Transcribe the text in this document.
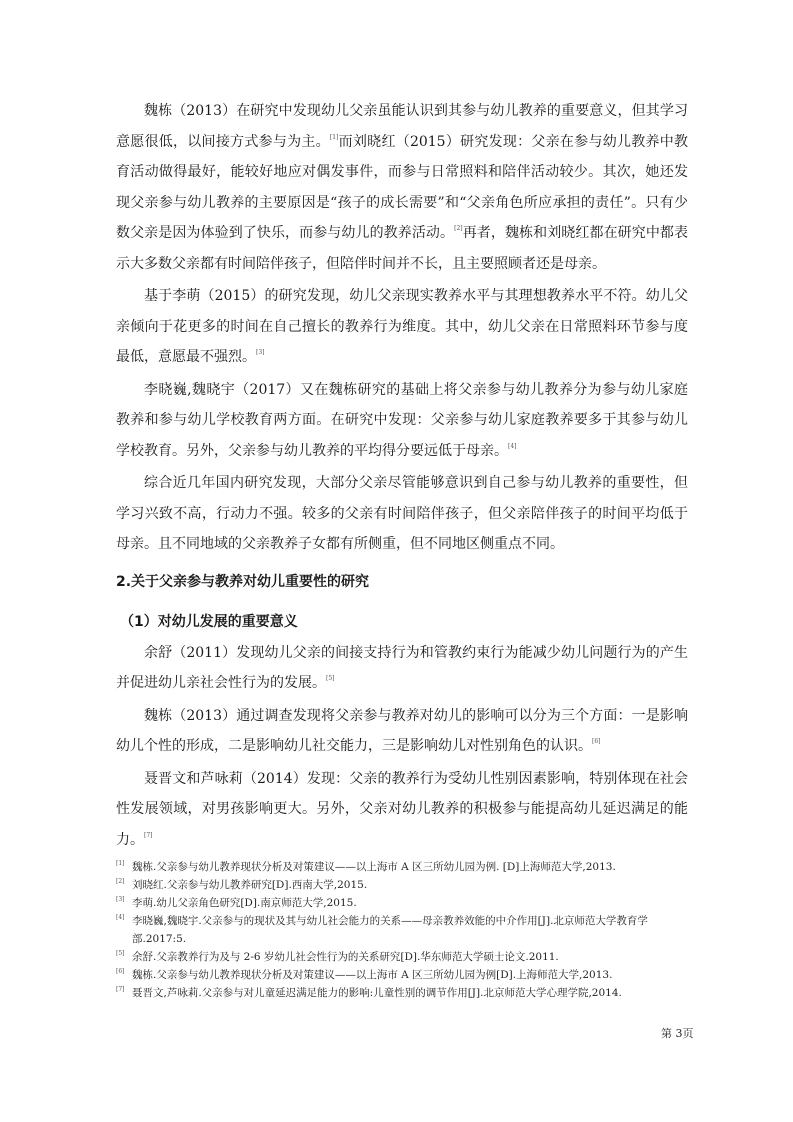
魏栋（2013）在研究中发现幼儿父亲虽能认识到其参与幼儿教养的重要意义，但其学习意愿很低，以间接方式参与为主。[1]而刘晓红（2015）研究发现：父亲在参与幼儿教养中教育活动做得最好，能较好地应对偶发事件，而参与日常照料和陪伴活动较少。其次，她还发现父亲参与幼儿教养的主要原因是“孩子的成长需要”和“父亲角色所应承担的责任”。只有少数父亲是因为体验到了快乐，而参与幼儿的教养活动。[2]再者，魏栋和刘晓红都在研究中都表示大多数父亲都有时间陪伴孩子，但陪伴时间并不长，且主要照顾者还是母亲。

基于李萌（2015）的研究发现，幼儿父亲现实教养水平与其理想教养水平不符。幼儿父亲倾向于花更多的时间在自己擅长的教养行为维度。其中，幼儿父亲在日常照料环节参与度最低，意愿最不强烈。[3]

李晓巍,魏晓宇（2017）又在魏栋研究的基础上将父亲参与幼儿教养分为参与幼儿家庭教养和参与幼儿学校教育两方面。在研究中发现：父亲参与幼儿家庭教养要多于其参与幼儿学校教育。另外，父亲参与幼儿教养的平均得分要远低于母亲。[4]

综合近几年国内研究发现，大部分父亲尽管能够意识到自己参与幼儿教养的重要性，但学习兴致不高，行动力不强。较多的父亲有时间陪伴孩子，但父亲陪伴孩子的时间平均低于母亲。且不同地域的父亲教养子女都有所侧重，但不同地区侧重点不同。

2.关于父亲参与教养对幼儿重要性的研究
（1）对幼儿发展的重要意义

余舒（2011）发现幼儿父亲的间接支持行为和管教约束行为能减少幼儿问题行为的产生并促进幼儿亲社会性行为的发展。[5]

魏栋（2013）通过调查发现将父亲参与教养对幼儿的影响可以分为三个方面：一是影响幼儿个性的形成，二是影响幼儿社交能力，三是影响幼儿对性别角色的认识。[6]

聂晋文和芦咏莉（2014）发现：父亲的教养行为受幼儿性别因素影响，特别体现在社会性发展领域，对男孩影响更大。另外，父亲对幼儿教养的积极参与能提高幼儿延迟满足的能力。[7]

[1] 魏栋.父亲参与幼儿教养现状分析及对策建议——以上海市 A 区三所幼儿园为例. [D]上海师范大学,2013.
[2] 刘晓红.父亲参与幼儿教养研究[D].西南大学,2015.
[3] 李萌.幼儿父亲角色研究[D].南京师范大学,2015.
[4] 李晓巍,魏晓宇.父亲参与的现状及其与幼儿社会能力的关系——母亲教养效能的中介作用[J].北京师范大学教育学部.2017:5.
[5] 余舒.父亲教养行为及与 2-6 岁幼儿社会性行为的关系研究[D].华东师范大学硕士论文.2011.
[6] 魏栋.父亲参与幼儿教养现状分析及对策建议——以上海市 A 区三所幼儿园为例[D].上海师范大学,2013.
[7] 聂晋文,芦咏莉.父亲参与对儿童延迟满足能力的影响:儿童性别的调节作用[J].北京师范大学心理学院,2014.
第 3页
